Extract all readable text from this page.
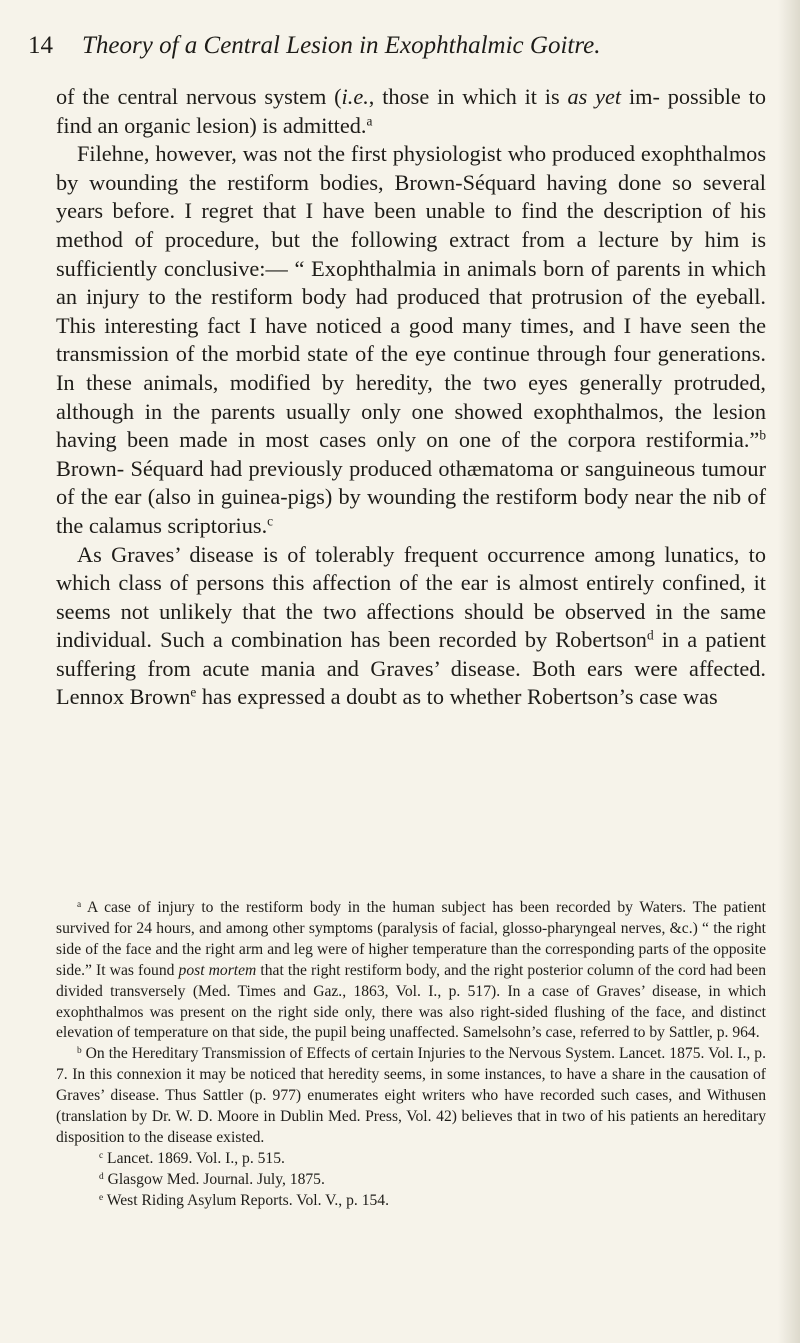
14 Theory of a Central Lesion in Exophthalmic Goitre.

of the central nervous system (i.e., those in which it is as yet im- possible to find an organic lesion) is admitted.$^a$

Filehne, however, was not the first physiologist who produced exophthalmos by wounding the restiform bodies, Brown-Séquard having done so several years before. I regret that I have been unable to find the description of his method of procedure, but the following extract from a lecture by him is sufficiently conclusive:— “ Exophthalmia in animals born of parents in which an injury to the restiform body had produced that protrusion of the eyeball. This interesting fact I have noticed a good many times, and I have seen the transmission of the morbid state of the eye continue through four generations. In these animals, modified by heredity, the two eyes generally protruded, although in the parents usually only one showed exophthalmos, the lesion having been made in most cases only on one of the corpora restiformia.”$^b$ Brown- Séquard had previously produced othæmatoma or sanguineous tumour of the ear (also in guinea-pigs) by wounding the restiform body near the nib of the calamus scriptorius.$^c$

As Graves’ disease is of tolerably frequent occurrence among lunatics, to which class of persons this affection of the ear is almost entirely confined, it seems not unlikely that the two affections should be observed in the same individual. Such a combination has been recorded by Robertson$^d$ in a patient suffering from acute mania and Graves’ disease. Both ears were affected. Lennox Brown$^e$ has expressed a doubt as to whether Robertson’s case was

$^a$ A case of injury to the restiform body in the human subject has been recorded by Waters. The patient survived for 24 hours, and among other symptoms (paralysis of facial, glosso-pharyngeal nerves, &c.) “ the right side of the face and the right arm and leg were of higher temperature than the corresponding parts of the opposite side.” It was found post mortem that the right restiform body, and the right posterior column of the cord had been divided transversely (Med. Times and Gaz., 1863, Vol. I., p. 517). In a case of Graves’ disease, in which exophthalmos was present on the right side only, there was also right-sided flushing of the face, and distinct elevation of temperature on that side, the pupil being unaffected. Samelsohn’s case, referred to by Sattler, p. 964.

$^b$ On the Hereditary Transmission of Effects of certain Injuries to the Nervous System. Lancet. 1875. Vol. I., p. 7. In this connexion it may be noticed that heredity seems, in some instances, to have a share in the causation of Graves’ disease. Thus Sattler (p. 977) enumerates eight writers who have recorded such cases, and Withusen (translation by Dr. W. D. Moore in Dublin Med. Press, Vol. 42) believes that in two of his patients an hereditary disposition to the disease existed.

$^c$ Lancet. 1869. Vol. I., p. 515.

$^d$ Glasgow Med. Journal. July, 1875.

$^e$ West Riding Asylum Reports. Vol. V., p. 154.
